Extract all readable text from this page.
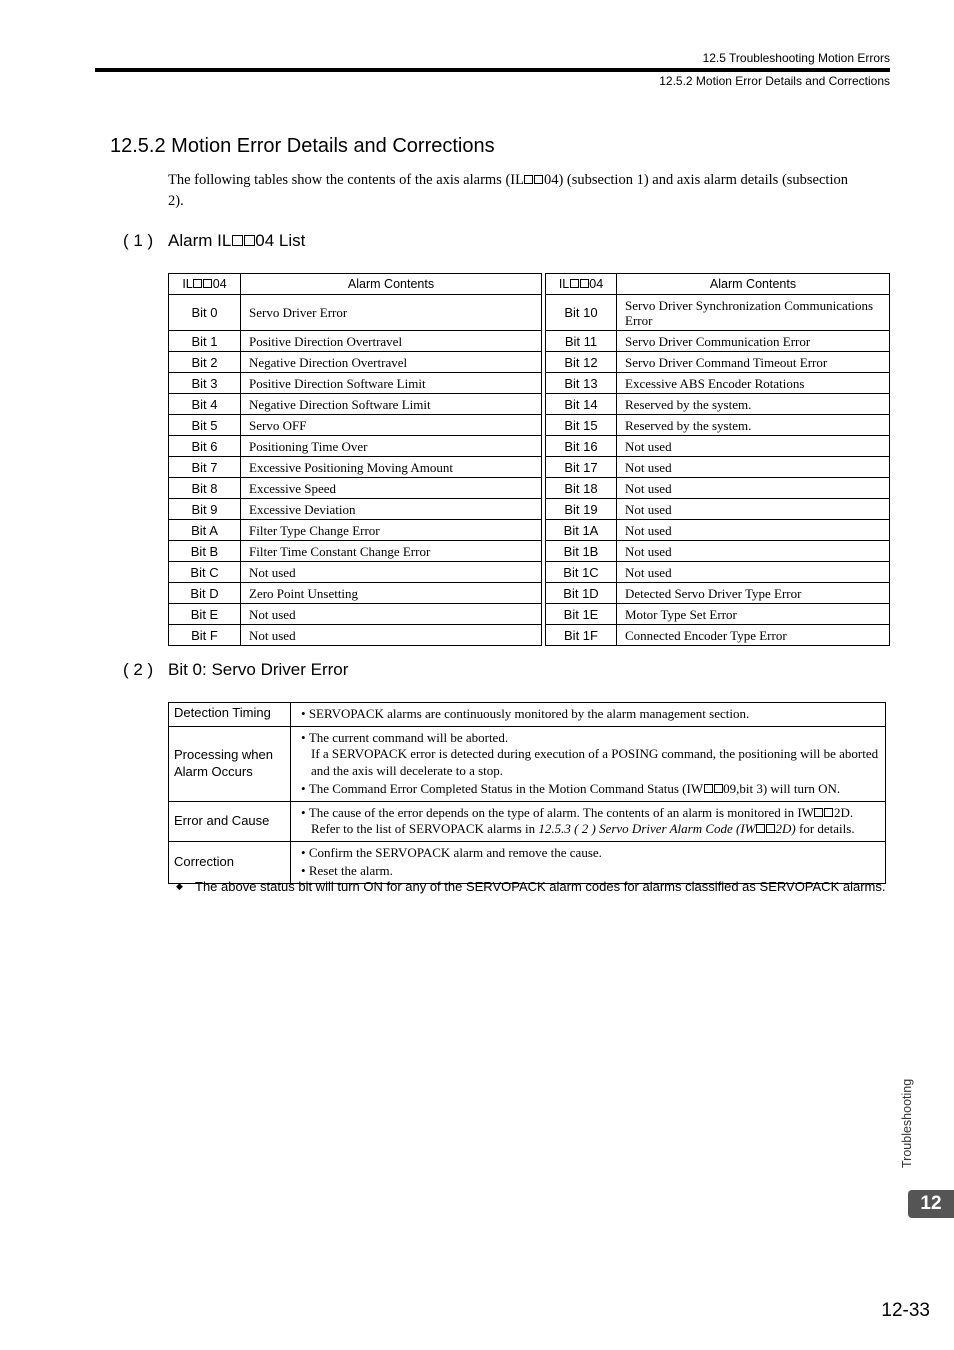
12.5 Troubleshooting Motion Errors
12.5.2 Motion Error Details and Corrections
12.5.2 Motion Error Details and Corrections

The following tables show the contents of the axis alarms (IL 04) (subsection 1) and axis alarm details (subsection 2).

( 1 ) Alarm IL 04 List
IL 04	Alarm Contents		IL 04	Alarm Contents
Bit 0	Servo Driver Error		Bit 10	Servo Driver Synchronization Communications Error
Bit 1	Positive Direction Overtravel		Bit 11	Servo Driver Communication Error
Bit 2	Negative Direction Overtravel		Bit 12	Servo Driver Command Timeout Error
Bit 3	Positive Direction Software Limit		Bit 13	Excessive ABS Encoder Rotations
Bit 4	Negative Direction Software Limit		Bit 14	Reserved by the system.
Bit 5	Servo OFF		Bit 15	Reserved by the system.
Bit 6	Positioning Time Over		Bit 16	Not used
Bit 7	Excessive Positioning Moving Amount		Bit 17	Not used
Bit 8	Excessive Speed		Bit 18	Not used
Bit 9	Excessive Deviation		Bit 19	Not used
Bit A	Filter Type Change Error		Bit 1A	Not used
Bit B	Filter Time Constant Change Error		Bit 1B	Not used
Bit C	Not used		Bit 1C	Not used
Bit D	Zero Point Unsetting		Bit 1D	Detected Servo Driver Type Error
Bit E	Not used		Bit 1E	Motor Type Set Error
Bit F	Not used		Bit 1F	Connected Encoder Type Error
( 2 ) Bit 0: Servo Driver Error
Detection Timing	• SERVOPACK alarms are continuously monitored by the alarm management section.

Processing when Alarm Occurs	• The current command will be aborted.
If a SERVOPACK error is detected during execution of a POSING command, the positioning will be aborted and the axis will decelerate to a stop.
• The Command Error Completed Status in the Motion Command Status (IW 09,bit 3) will turn ON.

Error and Cause	• The cause of the error depends on the type of alarm. The contents of an alarm is monitored in IW 2D.
Refer to the list of SERVOPACK alarms in 12.5.3 ( 2 ) Servo Driver Alarm Code (IW 2D) for details.

Correction	• Confirm the SERVOPACK alarm and remove the cause.
• Reset the alarm.
◆ The above status bit will turn ON for any of the SERVOPACK alarm codes for alarms classified as SERVOPACK alarms.
Troubleshooting
12
12-33
